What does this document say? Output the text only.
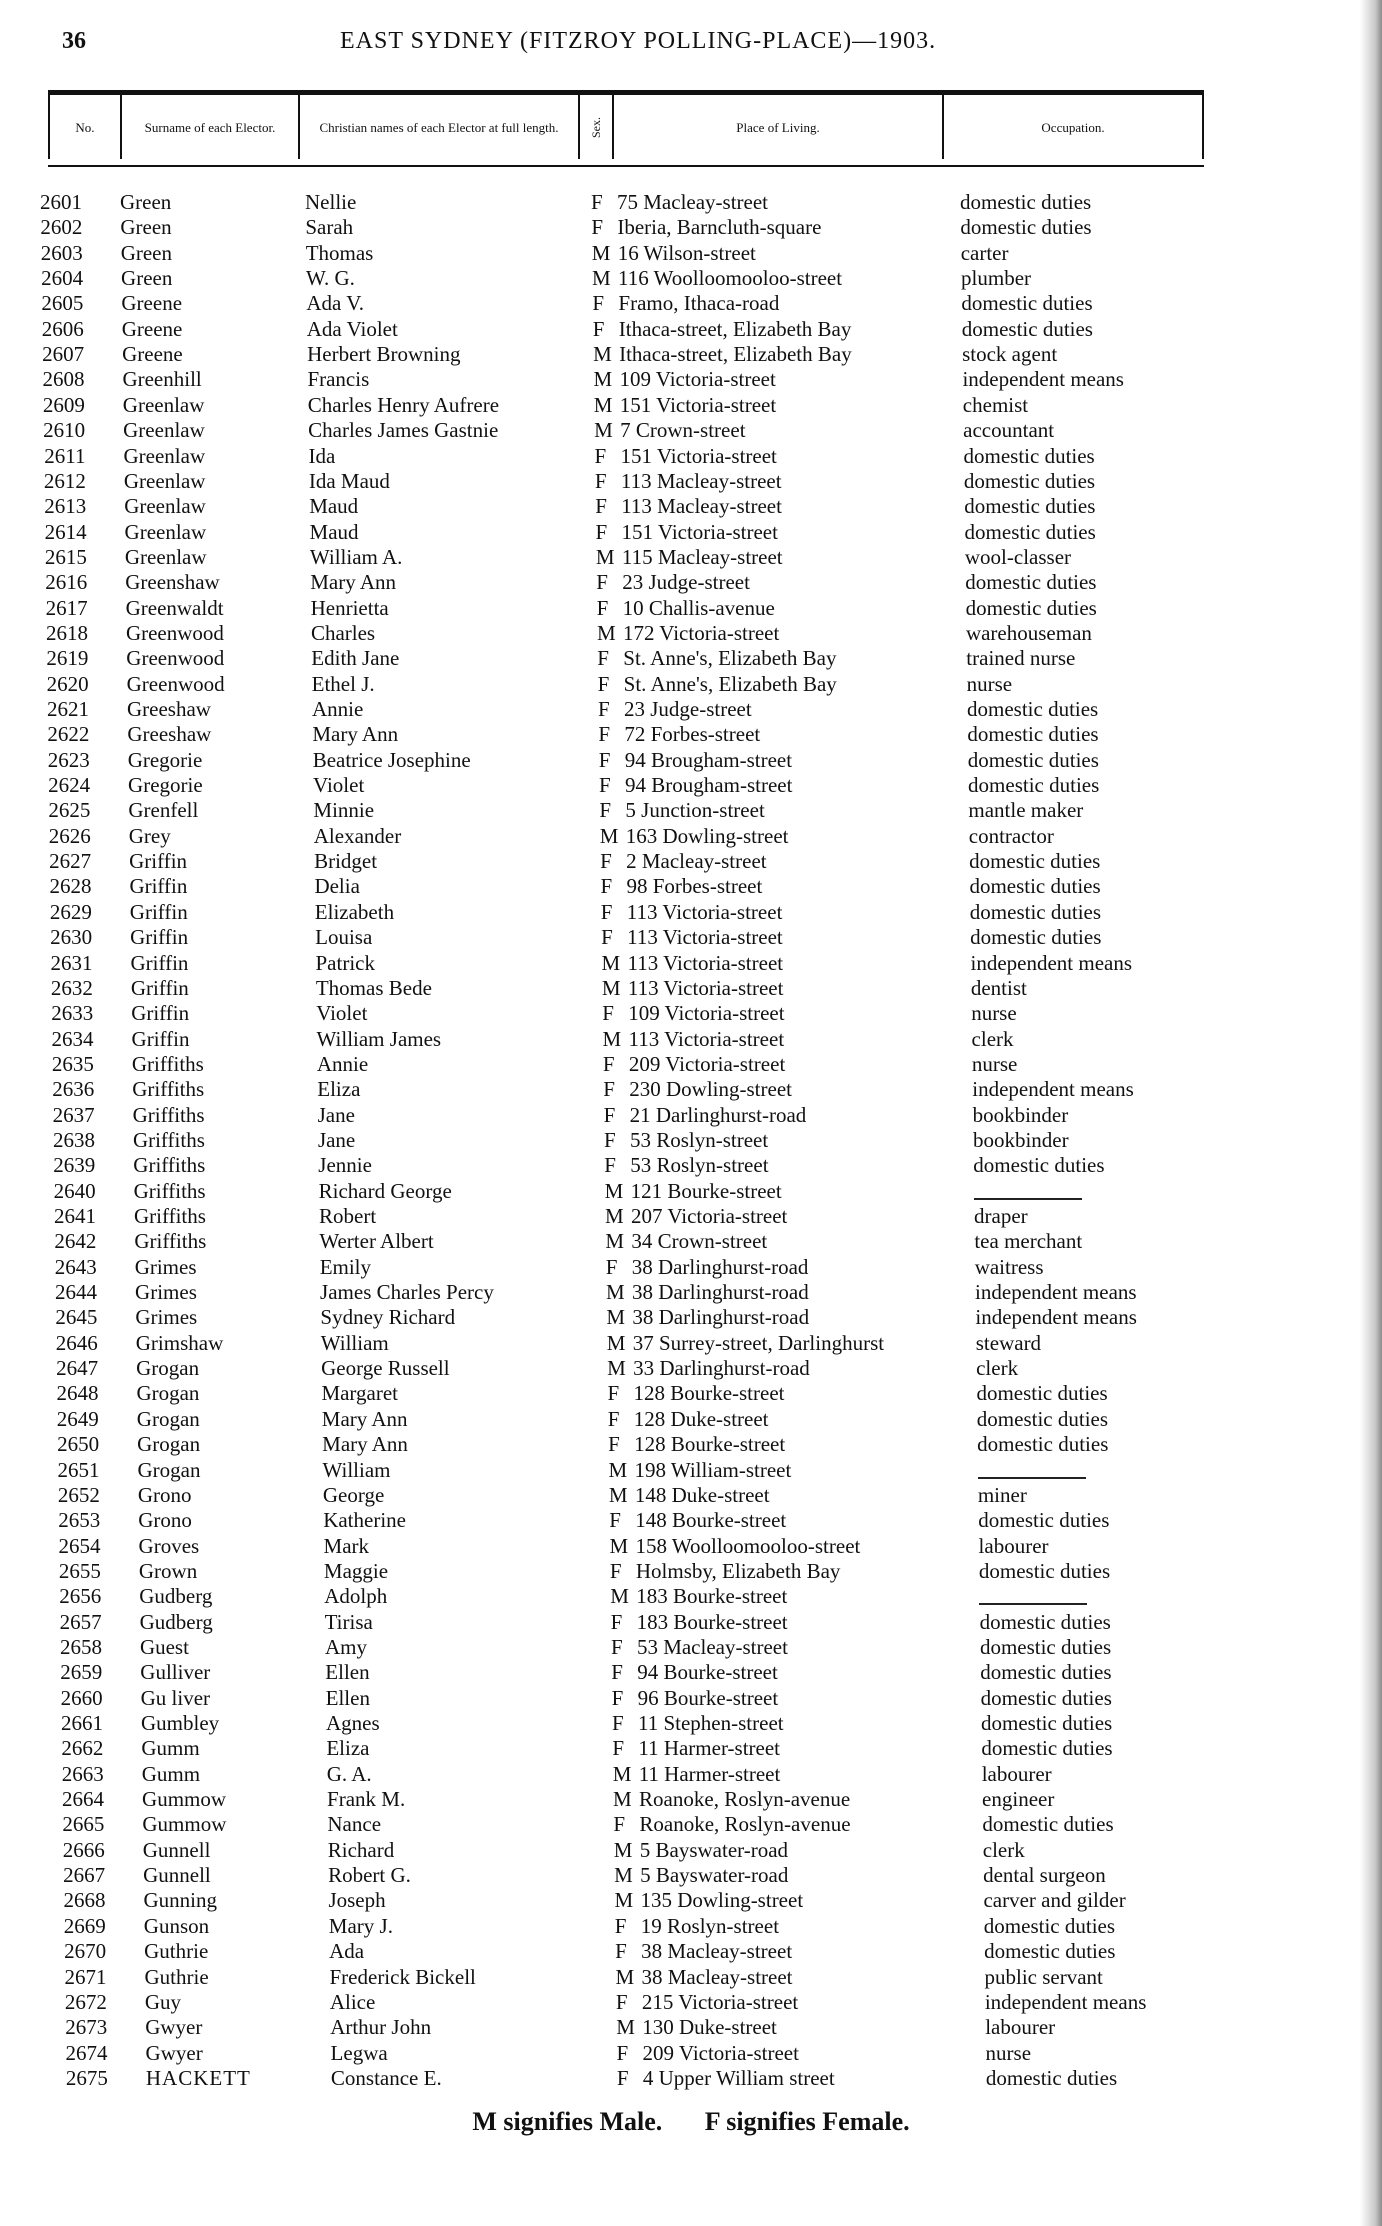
36	EAST SYDNEY (FITZROY POLLING-PLACE)—1903.
No.	Surname of each Elector.	Christian names of each Elector at full length.	Sex.	Place of Living.	Occupation.
2601 Green	Nellie	F 75 Macleay-street	domestic duties
2602 Green	Sarah	F Iberia, Barncluth-square	domestic duties
2603 Green	Thomas	M 16 Wilson-street	carter
2604 Green	W. G.	M 116 Woolloomooloo-street	plumber
2605 Greene	Ada V.	F Framo, Ithaca-road	domestic duties
2606 Greene	Ada Violet	F Ithaca-street, Elizabeth Bay	domestic duties
2607 Greene	Herbert Browning	M Ithaca-street, Elizabeth Bay	stock agent
2608 Greenhill	Francis	M 109 Victoria-street	independent means
2609 Greenlaw	Charles Henry Aufrere	M 151 Victoria-street	chemist
2610 Greenlaw	Charles James Gastnie	M 7 Crown-street	accountant
2611 Greenlaw	Ida	F 151 Victoria-street	domestic duties
2612 Greenlaw	Ida Maud	F 113 Macleay-street	domestic duties
2613 Greenlaw	Maud	F 113 Macleay-street	domestic duties
2614 Greenlaw	Maud	F 151 Victoria-street	domestic duties
2615 Greenlaw	William A.	M 115 Macleay-street	wool-classer
2616 Greenshaw	Mary Ann	F 23 Judge-street	domestic duties
2617 Greenwaldt	Henrietta	F 10 Challis-avenue	domestic duties
2618 Greenwood	Charles	M 172 Victoria-street	warehouseman
2619 Greenwood	Edith Jane	F St. Anne's, Elizabeth Bay	trained nurse
2620 Greenwood	Ethel J.	F St. Anne's, Elizabeth Bay	nurse
2621 Greeshaw	Annie	F 23 Judge-street	domestic duties
2622 Greeshaw	Mary Ann	F 72 Forbes-street	domestic duties
2623 Gregorie	Beatrice Josephine	F 94 Brougham-street	domestic duties
2624 Gregorie	Violet	F 94 Brougham-street	domestic duties
2625 Grenfell	Minnie	F 5 Junction-street	mantle maker
2626 Grey	Alexander	M 163 Dowling-street	contractor
2627 Griffin	Bridget	F 2 Macleay-street	domestic duties
2628 Griffin	Delia	F 98 Forbes-street	domestic duties
2629 Griffin	Elizabeth	F 113 Victoria-street	domestic duties
2630 Griffin	Louisa	F 113 Victoria-street	domestic duties
2631 Griffin	Patrick	M 113 Victoria-street	independent means
2632 Griffin	Thomas Bede	M 113 Victoria-street	dentist
2633 Griffin	Violet	F 109 Victoria-street	nurse
2634 Griffin	William James	M 113 Victoria-street	clerk
2635 Griffiths	Annie	F 209 Victoria-street	nurse
2636 Griffiths	Eliza	F 230 Dowling-street	independent means
2637 Griffiths	Jane	F 21 Darlinghurst-road	bookbinder
2638 Griffiths	Jane	F 53 Roslyn-street	bookbinder
2639 Griffiths	Jennie	F 53 Roslyn-street	domestic duties
2640 Griffiths	Richard George	M 121 Bourke-street
2641 Griffiths	Robert	M 207 Victoria-street	draper
2642 Griffiths	Werter Albert	M 34 Crown-street	tea merchant
2643 Grimes	Emily	F 38 Darlinghurst-road	waitress
2644 Grimes	James Charles Percy	M 38 Darlinghurst-road	independent means
2645 Grimes	Sydney Richard	M 38 Darlinghurst-road	independent means
2646 Grimshaw	William	M 37 Surrey-street, Darlinghurst	steward
2647 Grogan	George Russell	M 33 Darlinghurst-road	clerk
2648 Grogan	Margaret	F 128 Bourke-street	domestic duties
2649 Grogan	Mary Ann	F 128 Duke-street	domestic duties
2650 Grogan	Mary Ann	F 128 Bourke-street	domestic duties
2651 Grogan	William	M 198 William-street
2652 Grono	George	M 148 Duke-street	miner
2653 Grono	Katherine	F 148 Bourke-street	domestic duties
2654 Groves	Mark	M 158 Woolloomooloo-street	labourer
2655 Grown	Maggie	F Holmsby, Elizabeth Bay	domestic duties
2656 Gudberg	Adolph	M 183 Bourke-street
2657 Gudberg	Tirisa	F 183 Bourke-street	domestic duties
2658 Guest	Amy	F 53 Macleay-street	domestic duties
2659 Gulliver	Ellen	F 94 Bourke-street	domestic duties
2660 Gu liver	Ellen	F 96 Bourke-street	domestic duties
2661 Gumbley	Agnes	F 11 Stephen-street	domestic duties
2662 Gumm	Eliza	F 11 Harmer-street	domestic duties
2663 Gumm	G. A.	M 11 Harmer-street	labourer
2664 Gummow	Frank M.	M Roanoke, Roslyn-avenue	engineer
2665 Gummow	Nance	F Roanoke, Roslyn-avenue	domestic duties
2666 Gunnell	Richard	M 5 Bayswater-road	clerk
2667 Gunnell	Robert G.	M 5 Bayswater-road	dental surgeon
2668 Gunning	Joseph	M 135 Dowling-street	carver and gilder
2669 Gunson	Mary J.	F 19 Roslyn-street	domestic duties
2670 Guthrie	Ada	F 38 Macleay-street	domestic duties
2671 Guthrie	Frederick Bickell	M 38 Macleay-street	public servant
2672 Guy	Alice	F 215 Victoria-street	independent means
2673 Gwyer	Arthur John	M 130 Duke-street	labourer
2674 Gwyer	Legwa	F 209 Victoria-street	nurse
2675 HACKETT	Constance E.	F 4 Upper William street	domestic duties
M signifies Male. F signifies Female.
